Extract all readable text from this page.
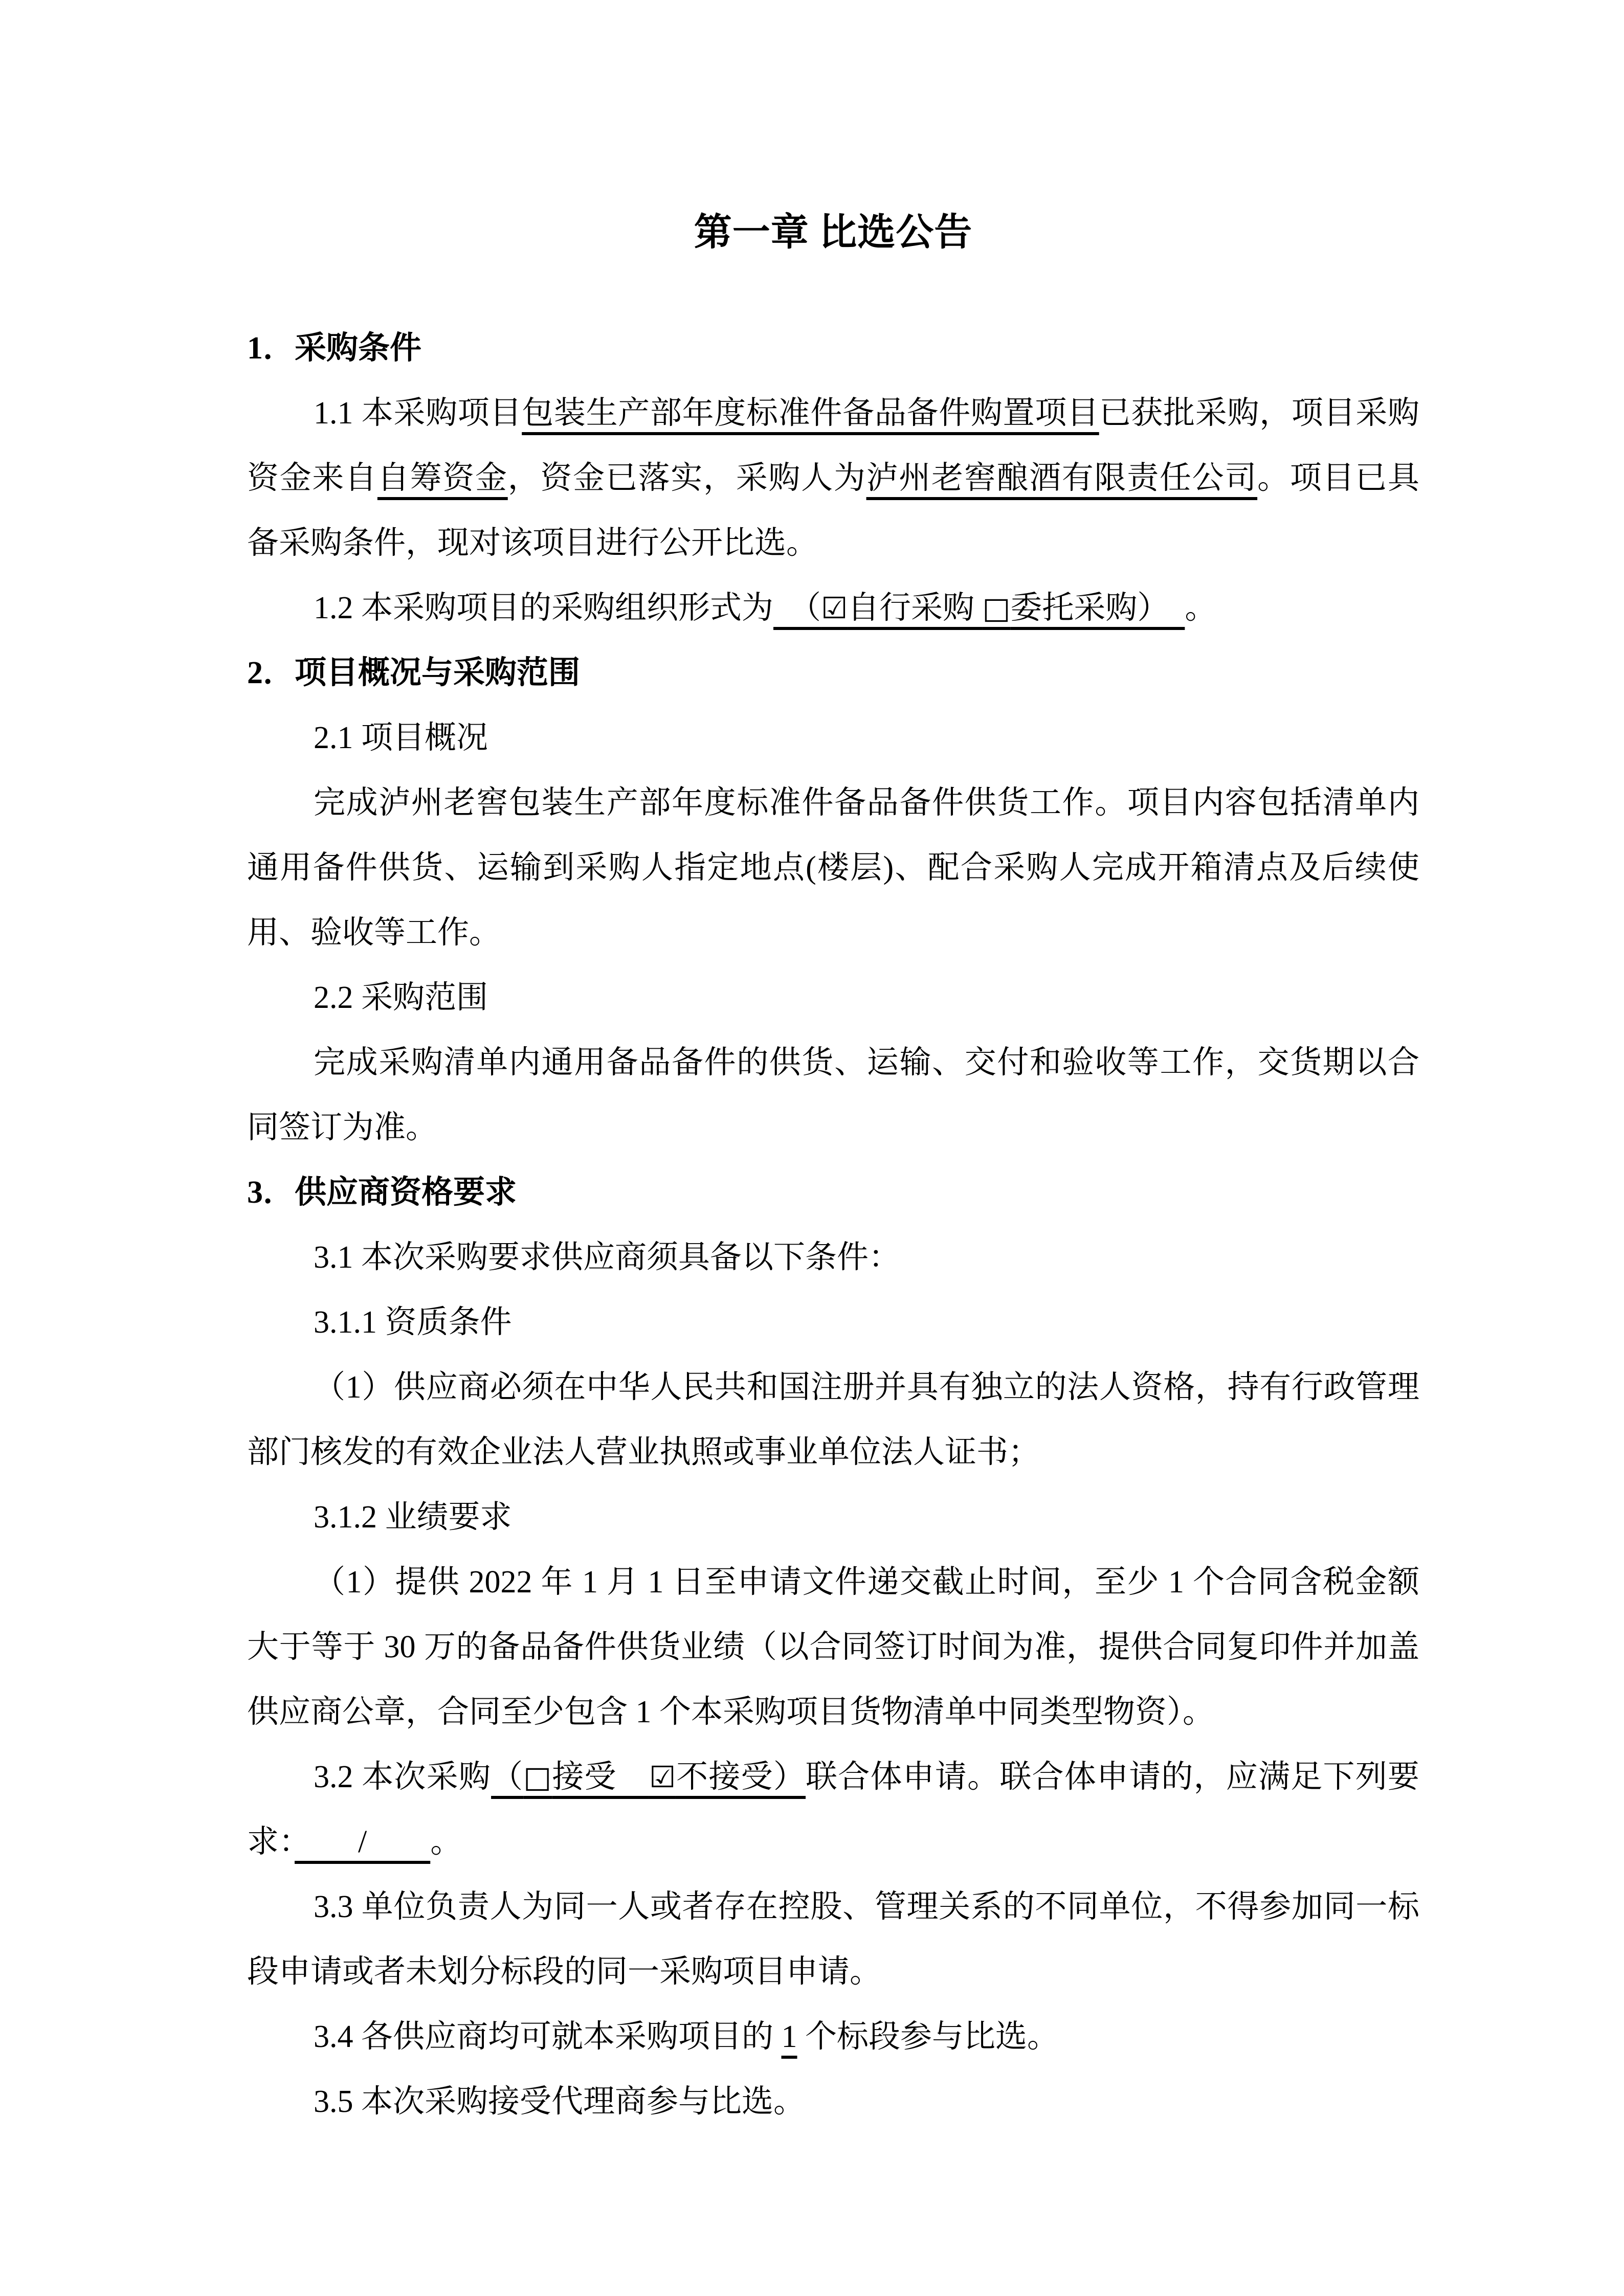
第一章 比选公告
1．采购条件
1.1 本采购项目包装生产部年度标准件备品备件购置项目已获批采购，项目采购资金来自自筹资金，资金已落实，采购人为泸州老窖酿酒有限责任公司。项目已具备采购条件，现对该项目进行公开比选。
1.2 本采购项目的采购组织形式为　（☑自行采购 □委托采购）　。
2．项目概况与采购范围
2.1 项目概况
完成泸州老窖包装生产部年度标准件备品备件供货工作。项目内容包括清单内通用备件供货、运输到采购人指定地点(楼层)、配合采购人完成开箱清点及后续使用、验收等工作。
2.2 采购范围
完成采购清单内通用备品备件的供货、运输、交付和验收等工作，交货期以合同签订为准。
3．供应商资格要求
3.1 本次采购要求供应商须具备以下条件：
3.1.1 资质条件
（1）供应商必须在中华人民共和国注册并具有独立的法人资格，持有行政管理部门核发的有效企业法人营业执照或事业单位法人证书；
3.1.2 业绩要求
（1）提供 2022 年 1 月 1 日至申请文件递交截止时间，至少 1 个合同含税金额大于等于 30 万的备品备件供货业绩（以合同签订时间为准，提供合同复印件并加盖供应商公章，合同至少包含 1 个本采购项目货物清单中同类型物资）。
3.2 本次采购（□接受　☑不接受）联合体申请。联合体申请的，应满足下列要求：　　/　　。
3.3 单位负责人为同一人或者存在控股、管理关系的不同单位，不得参加同一标段申请或者未划分标段的同一采购项目申请。
3.4 各供应商均可就本采购项目的 1 个标段参与比选。
3.5 本次采购接受代理商参与比选。
